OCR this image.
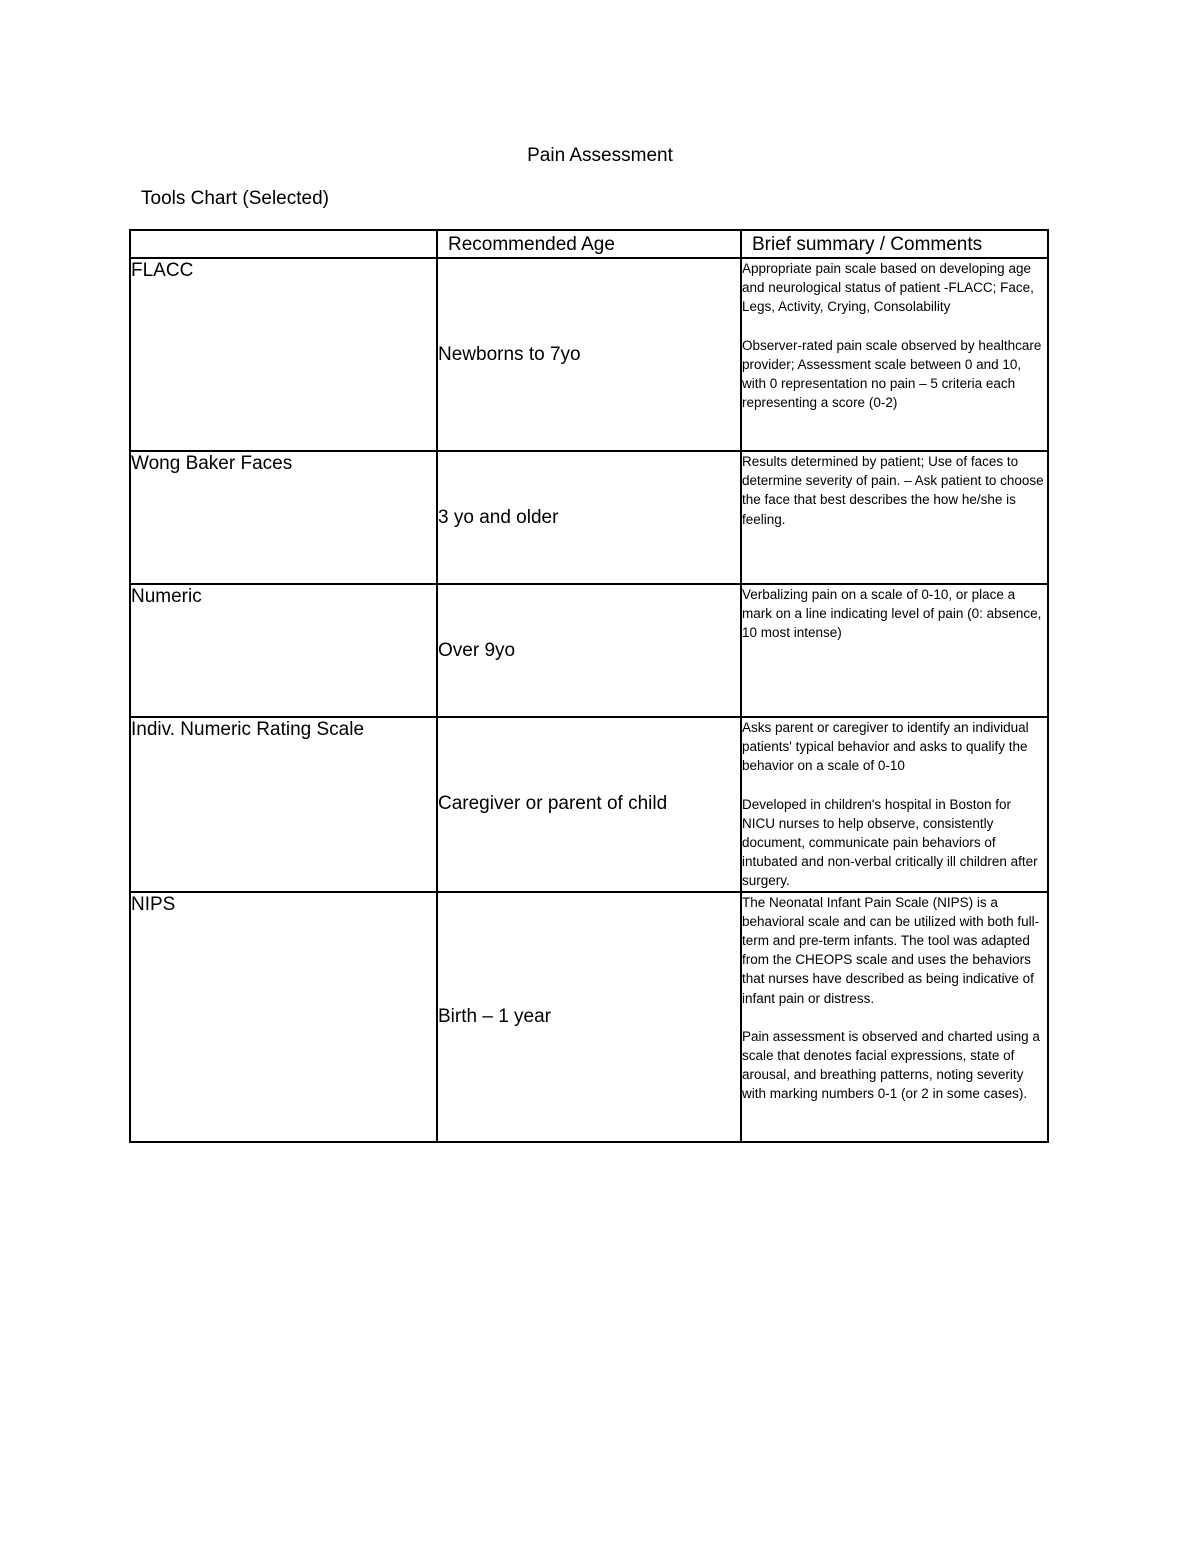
Pain Assessment
Tools Chart (Selected)
	Recommended Age	Brief summary / Comments
FLACC	Newborns to 7yo	Appropriate pain scale based on developing age and neurological status of patient -FLACC; Face, Legs, Activity, Crying, Consolability

Observer-rated pain scale observed by healthcare provider; Assessment scale between 0 and 10, with 0 representation no pain – 5 criteria each representing a score (0-2)

Wong Baker Faces	3 yo and older	Results determined by patient; Use of faces to determine severity of pain. – Ask patient to choose the face that best describes the how he/she is feeling.

Numeric	Over 9yo	Verbalizing pain on a scale of 0-10, or place a mark on a line indicating level of pain (0: absence, 10 most intense)

Indiv. Numeric Rating Scale	Caregiver or parent of child	Asks parent or caregiver to identify an individual patients' typical behavior and asks to qualify the behavior on a scale of 0-10

Developed in children's hospital in Boston for NICU nurses to help observe, consistently document, communicate pain behaviors of intubated and non-verbal critically ill children after surgery.

NIPS	Birth – 1 year	The Neonatal Infant Pain Scale (NIPS) is a behavioral scale and can be utilized with both full-term and pre-term infants. The tool was adapted from the CHEOPS scale and uses the behaviors that nurses have described as being indicative of infant pain or distress.

Pain assessment is observed and charted using a scale that denotes facial expressions, state of arousal, and breathing patterns, noting severity with marking numbers 0-1 (or 2 in some cases).
